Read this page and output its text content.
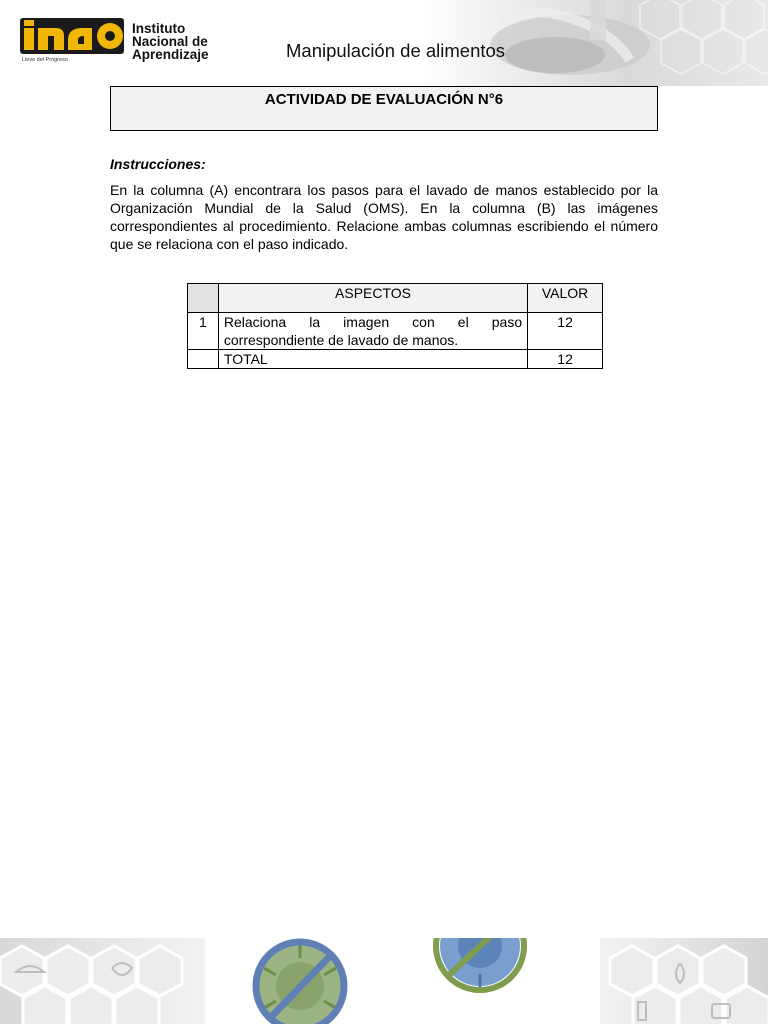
Instituto
Nacional de
Aprendizaje
Lleve del Progreso	Manipulación de alimentos
ACTIVIDAD DE EVALUACIÓN N°6
Instrucciones:
En la columna (A) encontrara los pasos para el lavado de manos establecido por la Organización Mundial de la Salud (OMS). En la columna (B) las imágenes correspondientes al procedimiento. Relacione ambas columnas escribiendo el número que se relaciona con el paso indicado.
	ASPECTOS	VALOR
1	Relaciona la imagen con el paso correspondiente de lavado de manos.	12
	TOTAL	12
